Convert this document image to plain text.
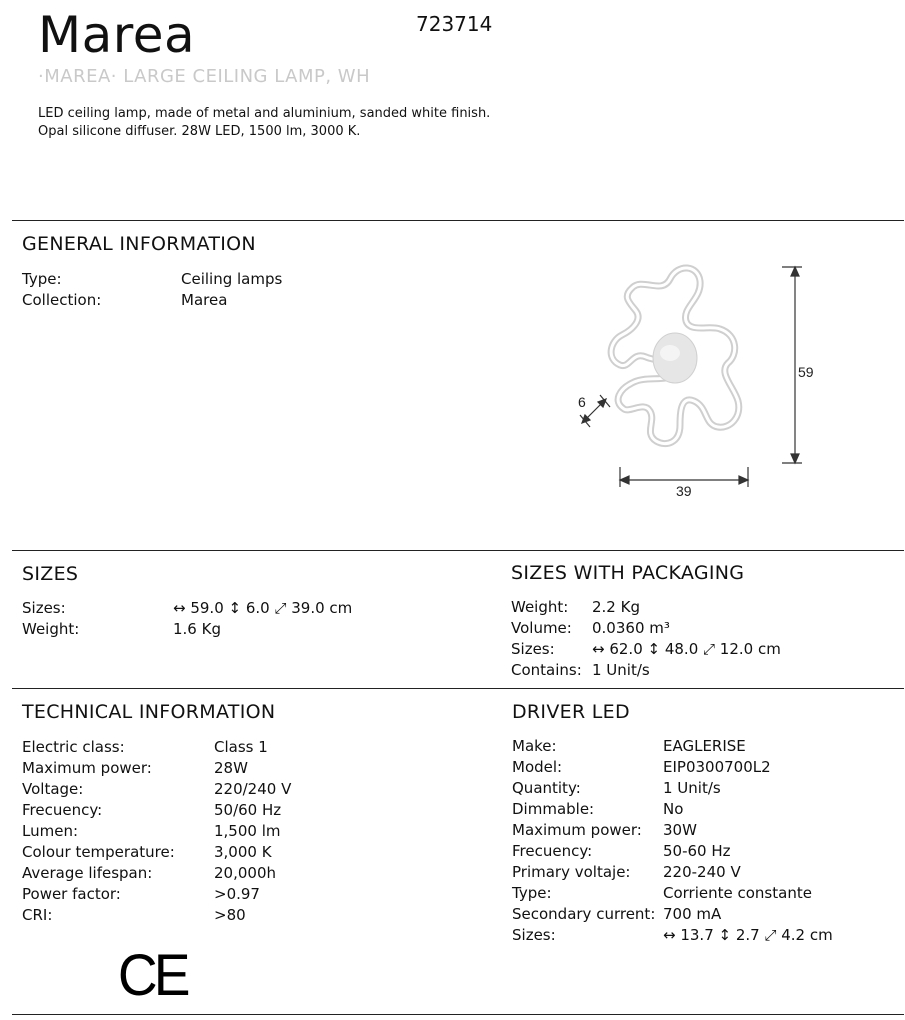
Marea	723714
·MAREA· LARGE CEILING LAMP, WH
LED ceiling lamp, made of metal and aluminium, sanded white finish.
Opal silicone diffuser. 28W LED, 1500 lm, 3000 K.
GENERAL INFORMATION
Type:	Ceiling lamps
Collection:	Marea
59
39
6
SIZES
Sizes:	↔ 59.0 ↕ 6.0 ⤢ 39.0 cm
Weight:	1.6 Kg
SIZES WITH PACKAGING
Weight: 2.2 Kg
Volume: 0.0360 m³
Sizes: ↔ 62.0 ↕ 48.0 ⤢ 12.0 cm
Contains: 1 Unit/s
TECHNICAL INFORMATION
Electric class:	Class 1
Maximum power:	28W
Voltage:	220/240 V
Frecuency:	50/60 Hz
Lumen:	1,500 lm
Colour temperature:	3,000 K
Average lifespan:	20,000h
Power factor:	>0.97
CRI:	>80
CE
DRIVER LED
Make:	EAGLERISE
Model:	EIP0300700L2
Quantity:	1 Unit/s
Dimmable:	No
Maximum power: 30W
Frecuency:	50-60 Hz
Primary voltaje: 220-240 V
Type:	Corriente constante
Secondary current: 700 mA
Sizes:	↔ 13.7 ↕ 2.7 ⤢ 4.2 cm
